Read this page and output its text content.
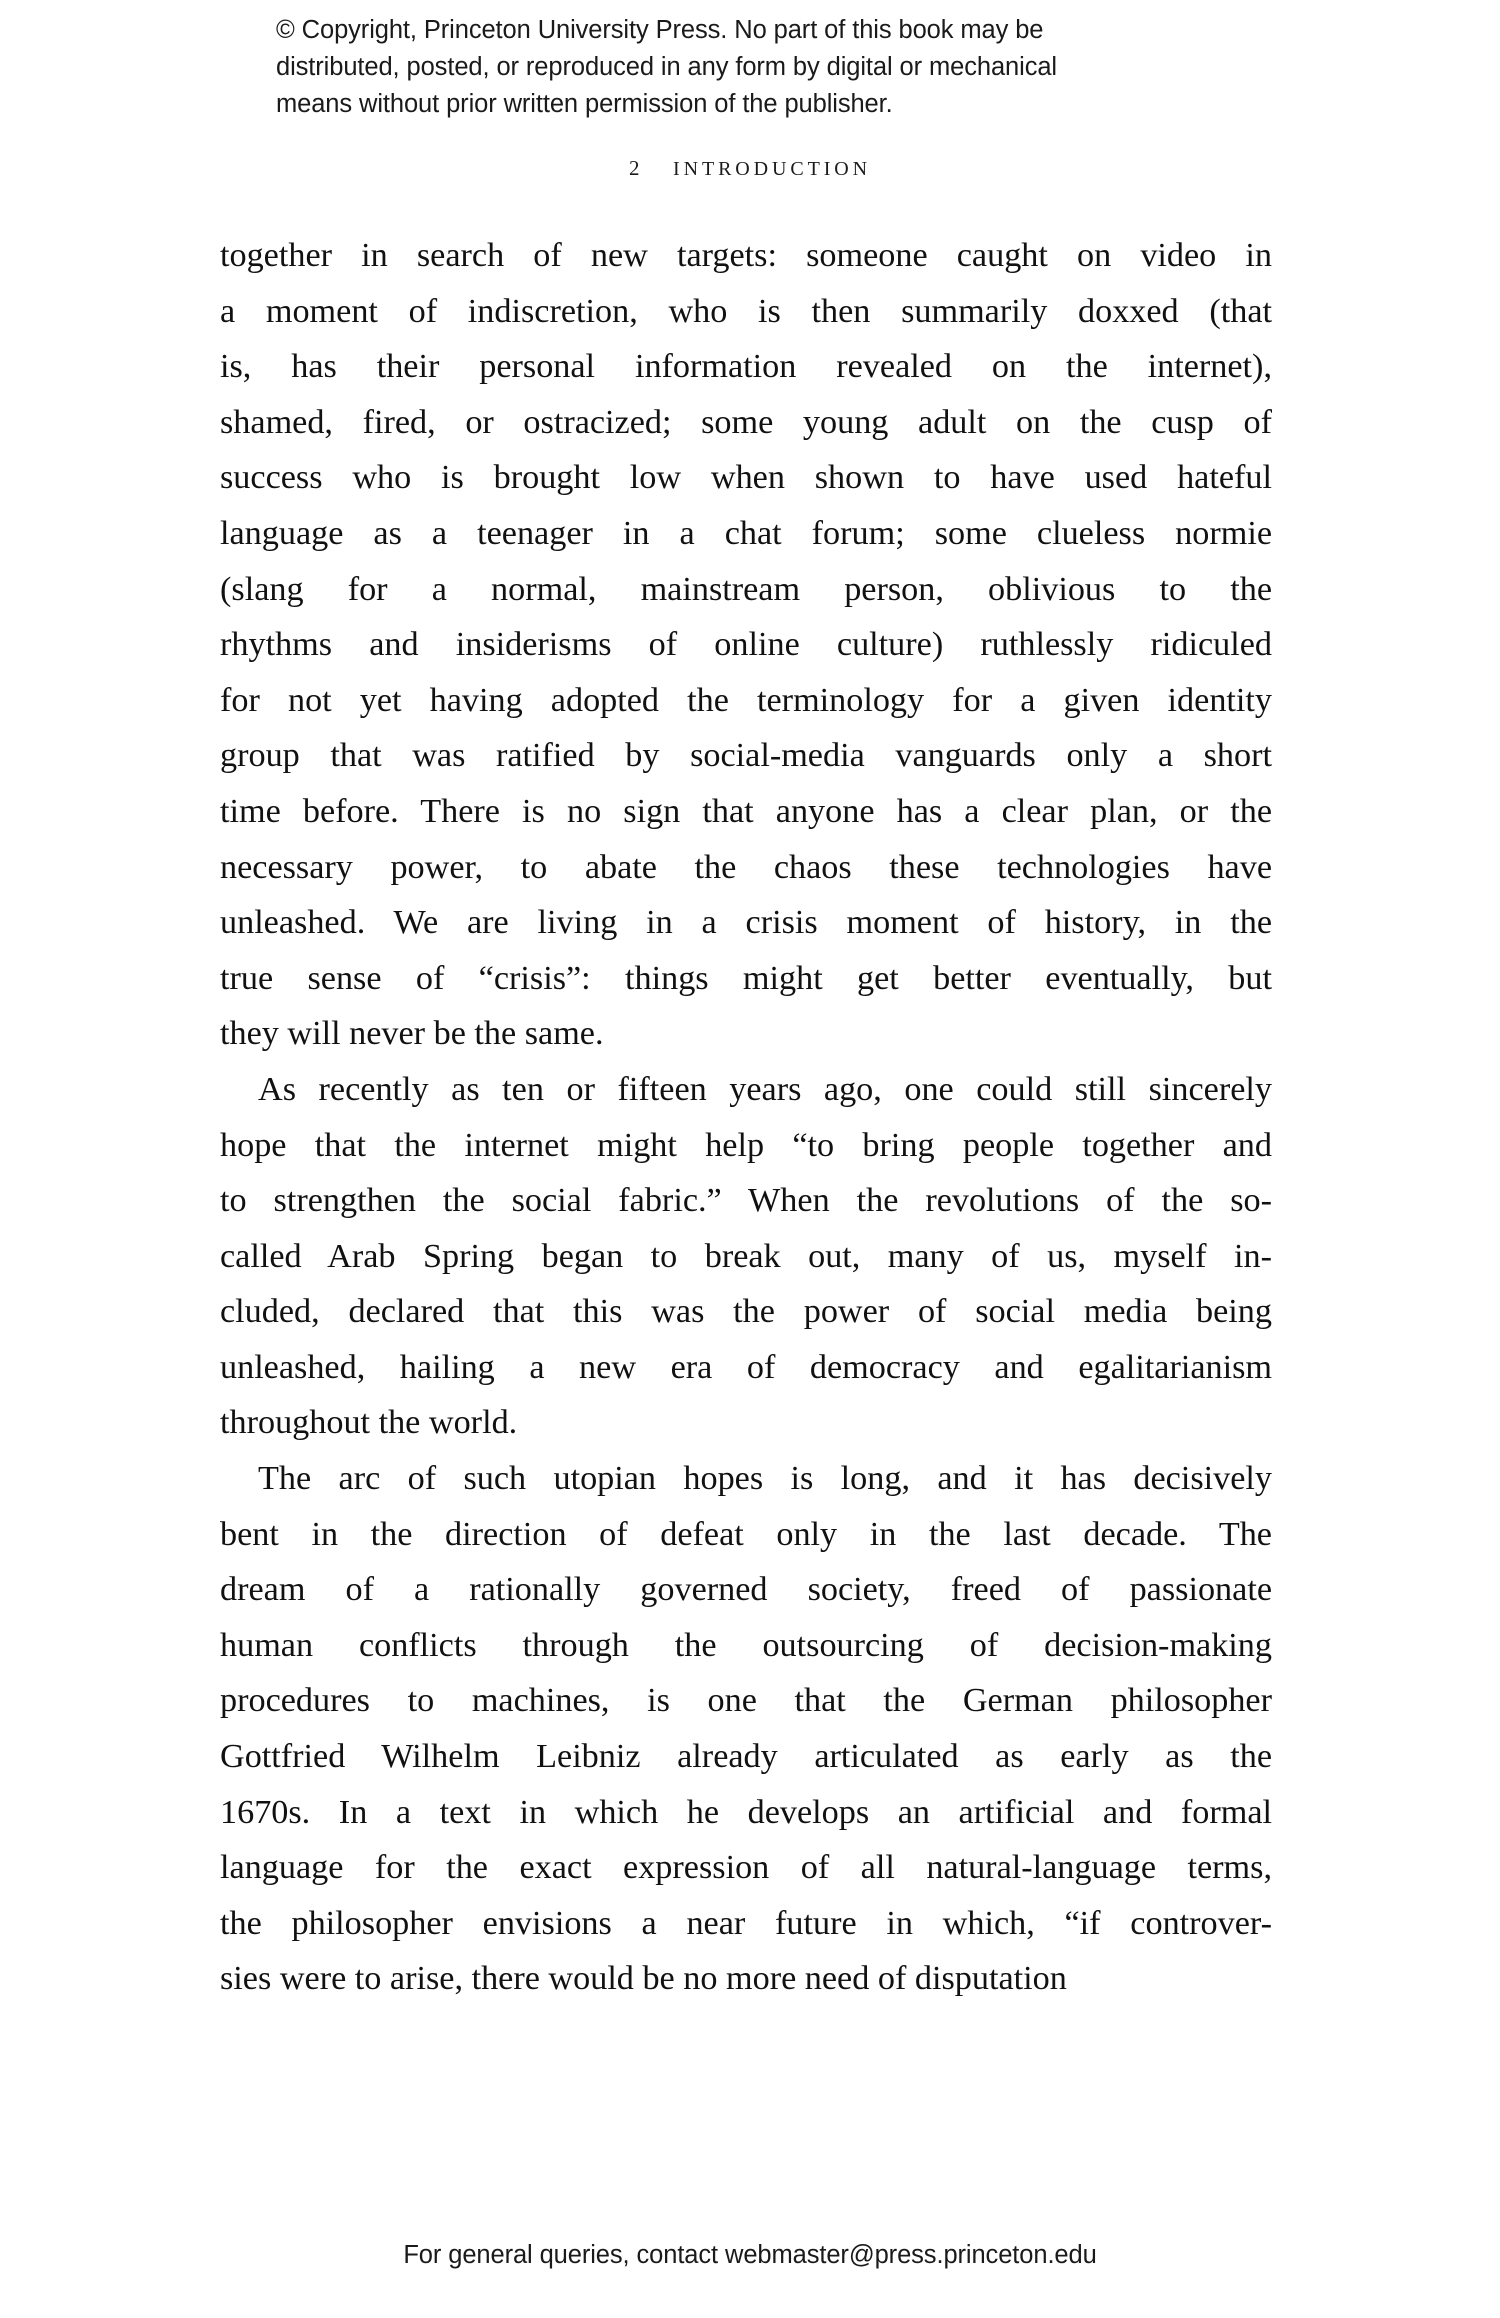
© Copyright, Princeton University Press. No part of this book may be
distributed, posted, or reproduced in any form by digital or mechanical
means without prior written permission of the publisher.
2 INTRODUCTION

together in search of new targets: someone caught on video in
a moment of indiscretion, who is then summarily doxxed (that
is, has their personal information revealed on the internet),
shamed, fired, or ostracized; some young adult on the cusp of
success who is brought low when shown to have used hateful
language as a teenager in a chat forum; some clueless normie
(slang for a normal, mainstream person, oblivious to the
rhythms and insiderisms of online culture) ruthlessly ridiculed
for not yet having adopted the terminology for a given identity
group that was ratified by social-media vanguards only a short
time before. There is no sign that anyone has a clear plan, or the
necessary power, to abate the chaos these technologies have
unleashed. We are living in a crisis moment of history, in the
true sense of “crisis”: things might get better eventually, but
they will never be the same.

As recently as ten or fifteen years ago, one could still sincerely
hope that the internet might help “to bring people together and
to strengthen the social fabric.” When the revolutions of the so-
called Arab Spring began to break out, many of us, myself in-
cluded, declared that this was the power of social media being
unleashed, hailing a new era of democracy and egalitarianism
throughout the world.

The arc of such utopian hopes is long, and it has decisively
bent in the direction of defeat only in the last decade. The
dream of a rationally governed society, freed of passionate
human conflicts through the outsourcing of decision-making
procedures to machines, is one that the German philosopher
Gottfried Wilhelm Leibniz already articulated as early as the
1670s. In a text in which he develops an artificial and formal
language for the exact expression of all natural-language terms,
the philosopher envisions a near future in which, “if controver-
sies were to arise, there would be no more need of disputation

For general queries, contact webmaster@press.princeton.edu
